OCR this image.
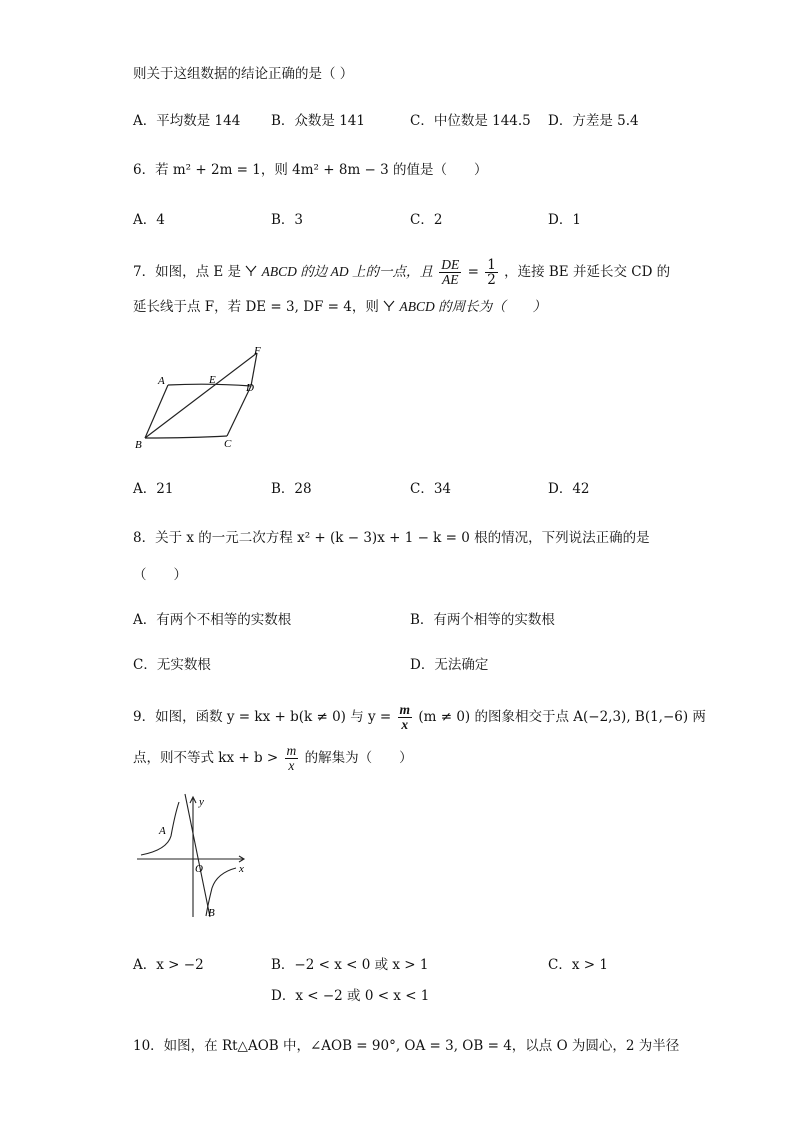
则关于这组数据的结论正确的是（ ）
A．平均数是 144 B．众数是 141	C．中位数是 144.5 D．方差是 5.4
6．若 m² + 2m = 1，则 4m² + 8m − 3 的值是（　　）
A．4	B．3	C．2	D．1
7．如图，点 E 是 ABCD 的边 AD 上的一点，且 $\frac{DE}{AE} = \frac{1}{2}$ ，连接 BE 并延长交 CD 的
延长线于点 F，若 DE = 3, DF = 4，则 ABCD 的周长为（　　）
A	E
D
F
B	C
A．21	B．28	C．34	D．42
8．关于 x 的一元二次方程 x² + (k − 3)x + 1 − k = 0 根的情况，下列说法正确的是
（　　）
A．有两个不相等的实数根	B．有两个相等的实数根
C．无实数根	D．无法确定
9．如图，函数 y = kx + b(k ≠ 0) 与 $y = \frac{m}{x} (m \ne 0)$ 的图象相交于点 A(−2,3), B(1,−6) 两
点，则不等式 kx + $b > \frac{m}{x}$ 的解集为（　　）
y
A
O	x
B
A．x > −2	B．−2 < x < 0 或 x > 1	C．x > 1
D．x < −2 或 0 < x < 1
10．如图，在 Rt△AOB 中，∠AOB = 90°, OA = 3, OB = 4，以点 O 为圆心，2 为半径
